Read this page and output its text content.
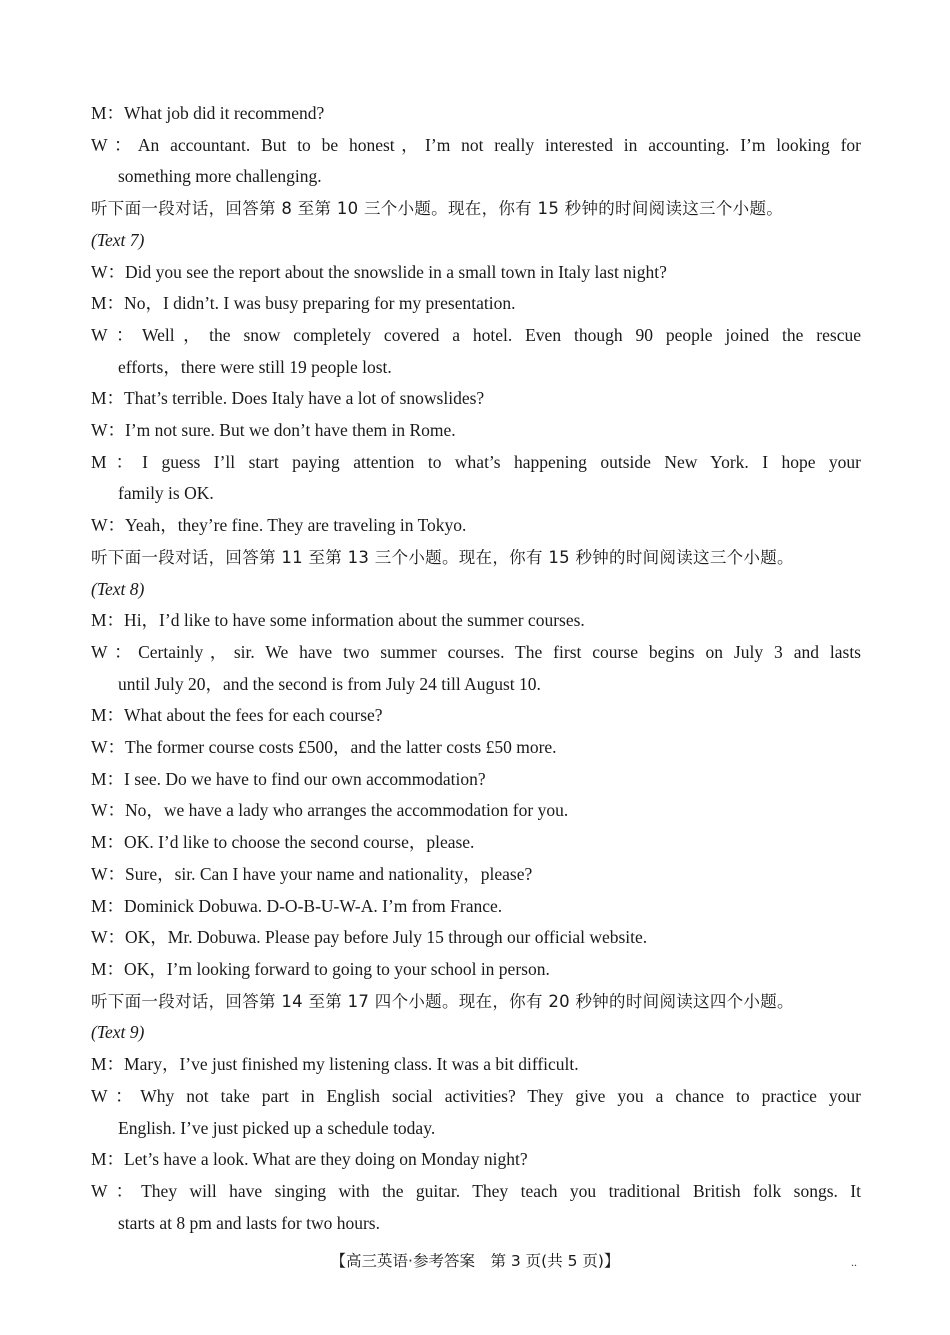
M：What job did it recommend?
W：An accountant. But to be honest，I’m not really interested in accounting. I’m looking for
something more challenging.
听下面一段对话，回答第 8 至第 10 三个小题。现在，你有 15 秒钟的时间阅读这三个小题。
(Text 7)
W：Did you see the report about the snowslide in a small town in Italy last night?
M：No，I didn’t. I was busy preparing for my presentation.
W：Well，the snow completely covered a hotel. Even though 90 people joined the rescue
efforts，there were still 19 people lost.
M：That’s terrible. Does Italy have a lot of snowslides?
W：I’m not sure. But we don’t have them in Rome.
M：I guess I’ll start paying attention to what’s happening outside New York. I hope your
family is OK.
W：Yeah，they’re fine. They are traveling in Tokyo.
听下面一段对话，回答第 11 至第 13 三个小题。现在，你有 15 秒钟的时间阅读这三个小题。
(Text 8)
M：Hi，I’d like to have some information about the summer courses.
W：Certainly，sir. We have two summer courses. The first course begins on July 3 and lasts
until July 20，and the second is from July 24 till August 10.
M：What about the fees for each course?
W：The former course costs £500，and the latter costs £50 more.
M：I see. Do we have to find our own accommodation?
W：No，we have a lady who arranges the accommodation for you.
M：OK. I’d like to choose the second course，please.
W：Sure，sir. Can I have your name and nationality，please?
M：Dominick Dobuwa. D-O-B-U-W-A. I’m from France.
W：OK，Mr. Dobuwa. Please pay before July 15 through our official website.
M：OK，I’m looking forward to going to your school in person.
听下面一段对话，回答第 14 至第 17 四个小题。现在，你有 20 秒钟的时间阅读这四个小题。
(Text 9)
M：Mary，I’ve just finished my listening class. It was a bit difficult.
W：Why not take part in English social activities? They give you a chance to practice your
English. I’ve just picked up a schedule today.
M：Let’s have a look. What are they doing on Monday night?
W：They will have singing with the guitar. They teach you traditional British folk songs. It
starts at 8 pm and lasts for two hours.
【高三英语·参考答案　第 3 页(共 5 页)】	..
